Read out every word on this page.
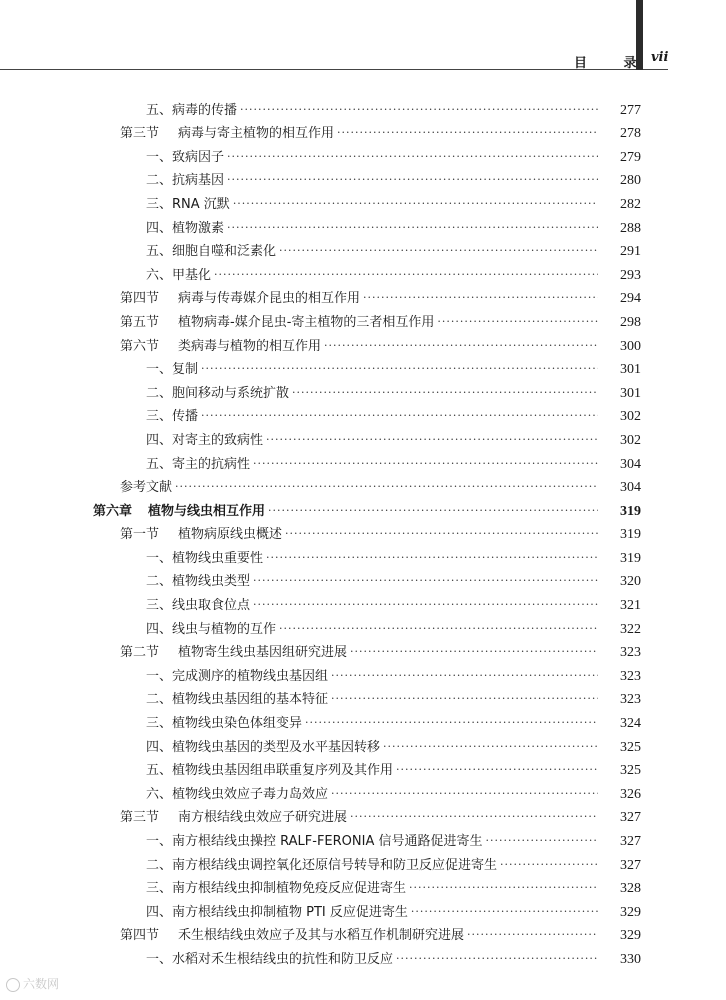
目 录
vii
五、 病毒的传播 ·····	277
第三节	病毒与寄主植物的相互作用 ·····	278
一、 致病因子 ·····	279
二、 抗病基因 ·····	280
三、 RNA 沉默 ·····	282
四、 植物激素 ·····	288
五、 细胞自噬和泛素化 ·····	291
六、 甲基化 ·····	293
第四节	病毒与传毒媒介昆虫的相互作用 ·····	294
第五节	植物病毒-媒介昆虫-寄主植物的三者相互作用 ·····	298
第六节	类病毒与植物的相互作用 ·····	300
一、 复制 ·····	301
二、 胞间移动与系统扩散 ·····	301
三、 传播 ·····	302
四、 对寄主的致病性 ·····	302
五、 寄主的抗病性 ·····	304
参考文献 ·····	304
第六章	植物与线虫相互作用 ·····	319
第一节	植物病原线虫概述 ·····	319
一、 植物线虫重要性 ·····	319
二、 植物线虫类型 ·····	320
三、 线虫取食位点 ·····	321
四、 线虫与植物的互作 ·····	322
第二节	植物寄生线虫基因组研究进展 ·····	323
一、 完成测序的植物线虫基因组 ·····	323
二、 植物线虫基因组的基本特征 ·····	323
三、 植物线虫染色体组变异 ·····	324
四、 植物线虫基因的类型及水平基因转移 ·····	325
五、 植物线虫基因组串联重复序列及其作用 ·····	325
六、 植物线虫效应子毒力岛效应 ·····	326
第三节	南方根结线虫效应子研究进展 ·····	327
一、 南方根结线虫操控 RALF-FERONIA 信号通路促进寄生 ·····	327
二、 南方根结线虫调控氧化还原信号转导和防卫反应促进寄生 ·····	327
三、 南方根结线虫抑制植物免疫反应促进寄生 ·····	328
四、 南方根结线虫抑制植物 PTI 反应促进寄生 ·····	329
第四节	禾生根结线虫效应子及其与水稻互作机制研究进展 ·····	329
一、 水稻对禾生根结线虫的抗性和防卫反应 ·····	330
六数网
